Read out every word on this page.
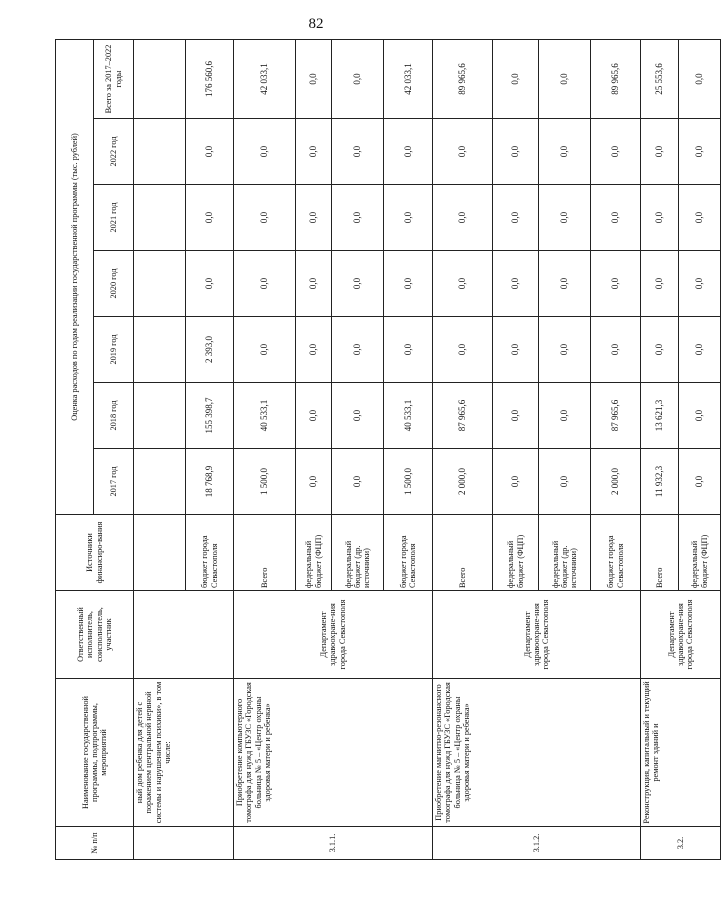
82
№ п/п	Наименование государственной программы, подпрограммы, мероприятий	Ответственный исполнитель, соисполнитель, участник	Источники финансиро-вания	Оценка расходов по годам реализации государственной программы (тыс. рублей)						
				2017 год	2018 год	2019 год	2020 год	2021 год	2022 год	Всего за 2017–2022 годы
	ный дом ребенка для детей с поражением центральной нервной системы и нарушением психики», в том числе:									
			бюджет города Севастополя	18 768,9	155 398,7	2 393,0	0,0	0,0	0,0	176 560,6
3.1.1.	Приобретение компьютерного томографа для нужд ГБУЗС «Городская больница № 5 – «Центр охраны здоровья матери и ребенка»	Департамент здравоохране-ния города Севастополя	Всего	1 500,0	40 533,1	0,0	0,0	0,0	0,0	42 033,1
			федеральный бюджет (ФЦП)	0,0	0,0	0,0	0,0	0,0	0,0	0,0
			федеральный бюджет (др. источники)	0,0	0,0	0,0	0,0	0,0	0,0	0,0
			бюджет города Севастополя	1 500,0	40 533,1	0,0	0,0	0,0	0,0	42 033,1
3.1.2.	Приобретение магнитно-резонансного томографа для нужд ГБУЗС «Городская больница № 5 – «Центр охраны здоровья матери и ребенка»	Департамент здравоохране-ния города Севастополя	Всего	2 000,0	87 965,6	0,0	0,0	0,0	0,0	89 965,6
			федеральный бюджет (ФЦП)	0,0	0,0	0,0	0,0	0,0	0,0	0,0
			федеральный бюджет (др. источники)	0,0	0,0	0,0	0,0	0,0	0,0	0,0
			бюджет города Севастополя	2 000,0	87 965,6	0,0	0,0	0,0	0,0	89 965,6
3.2.	Реконструкция, капитальный и текущий ремонт зданий и	Департамент здравоохране-ния города Севастополя	Всего	11 932,3	13 621,3	0,0	0,0	0,0	0,0	25 553,6
			федеральный бюджет (ФЦП)	0,0	0,0	0,0	0,0	0,0	0,0	0,0
